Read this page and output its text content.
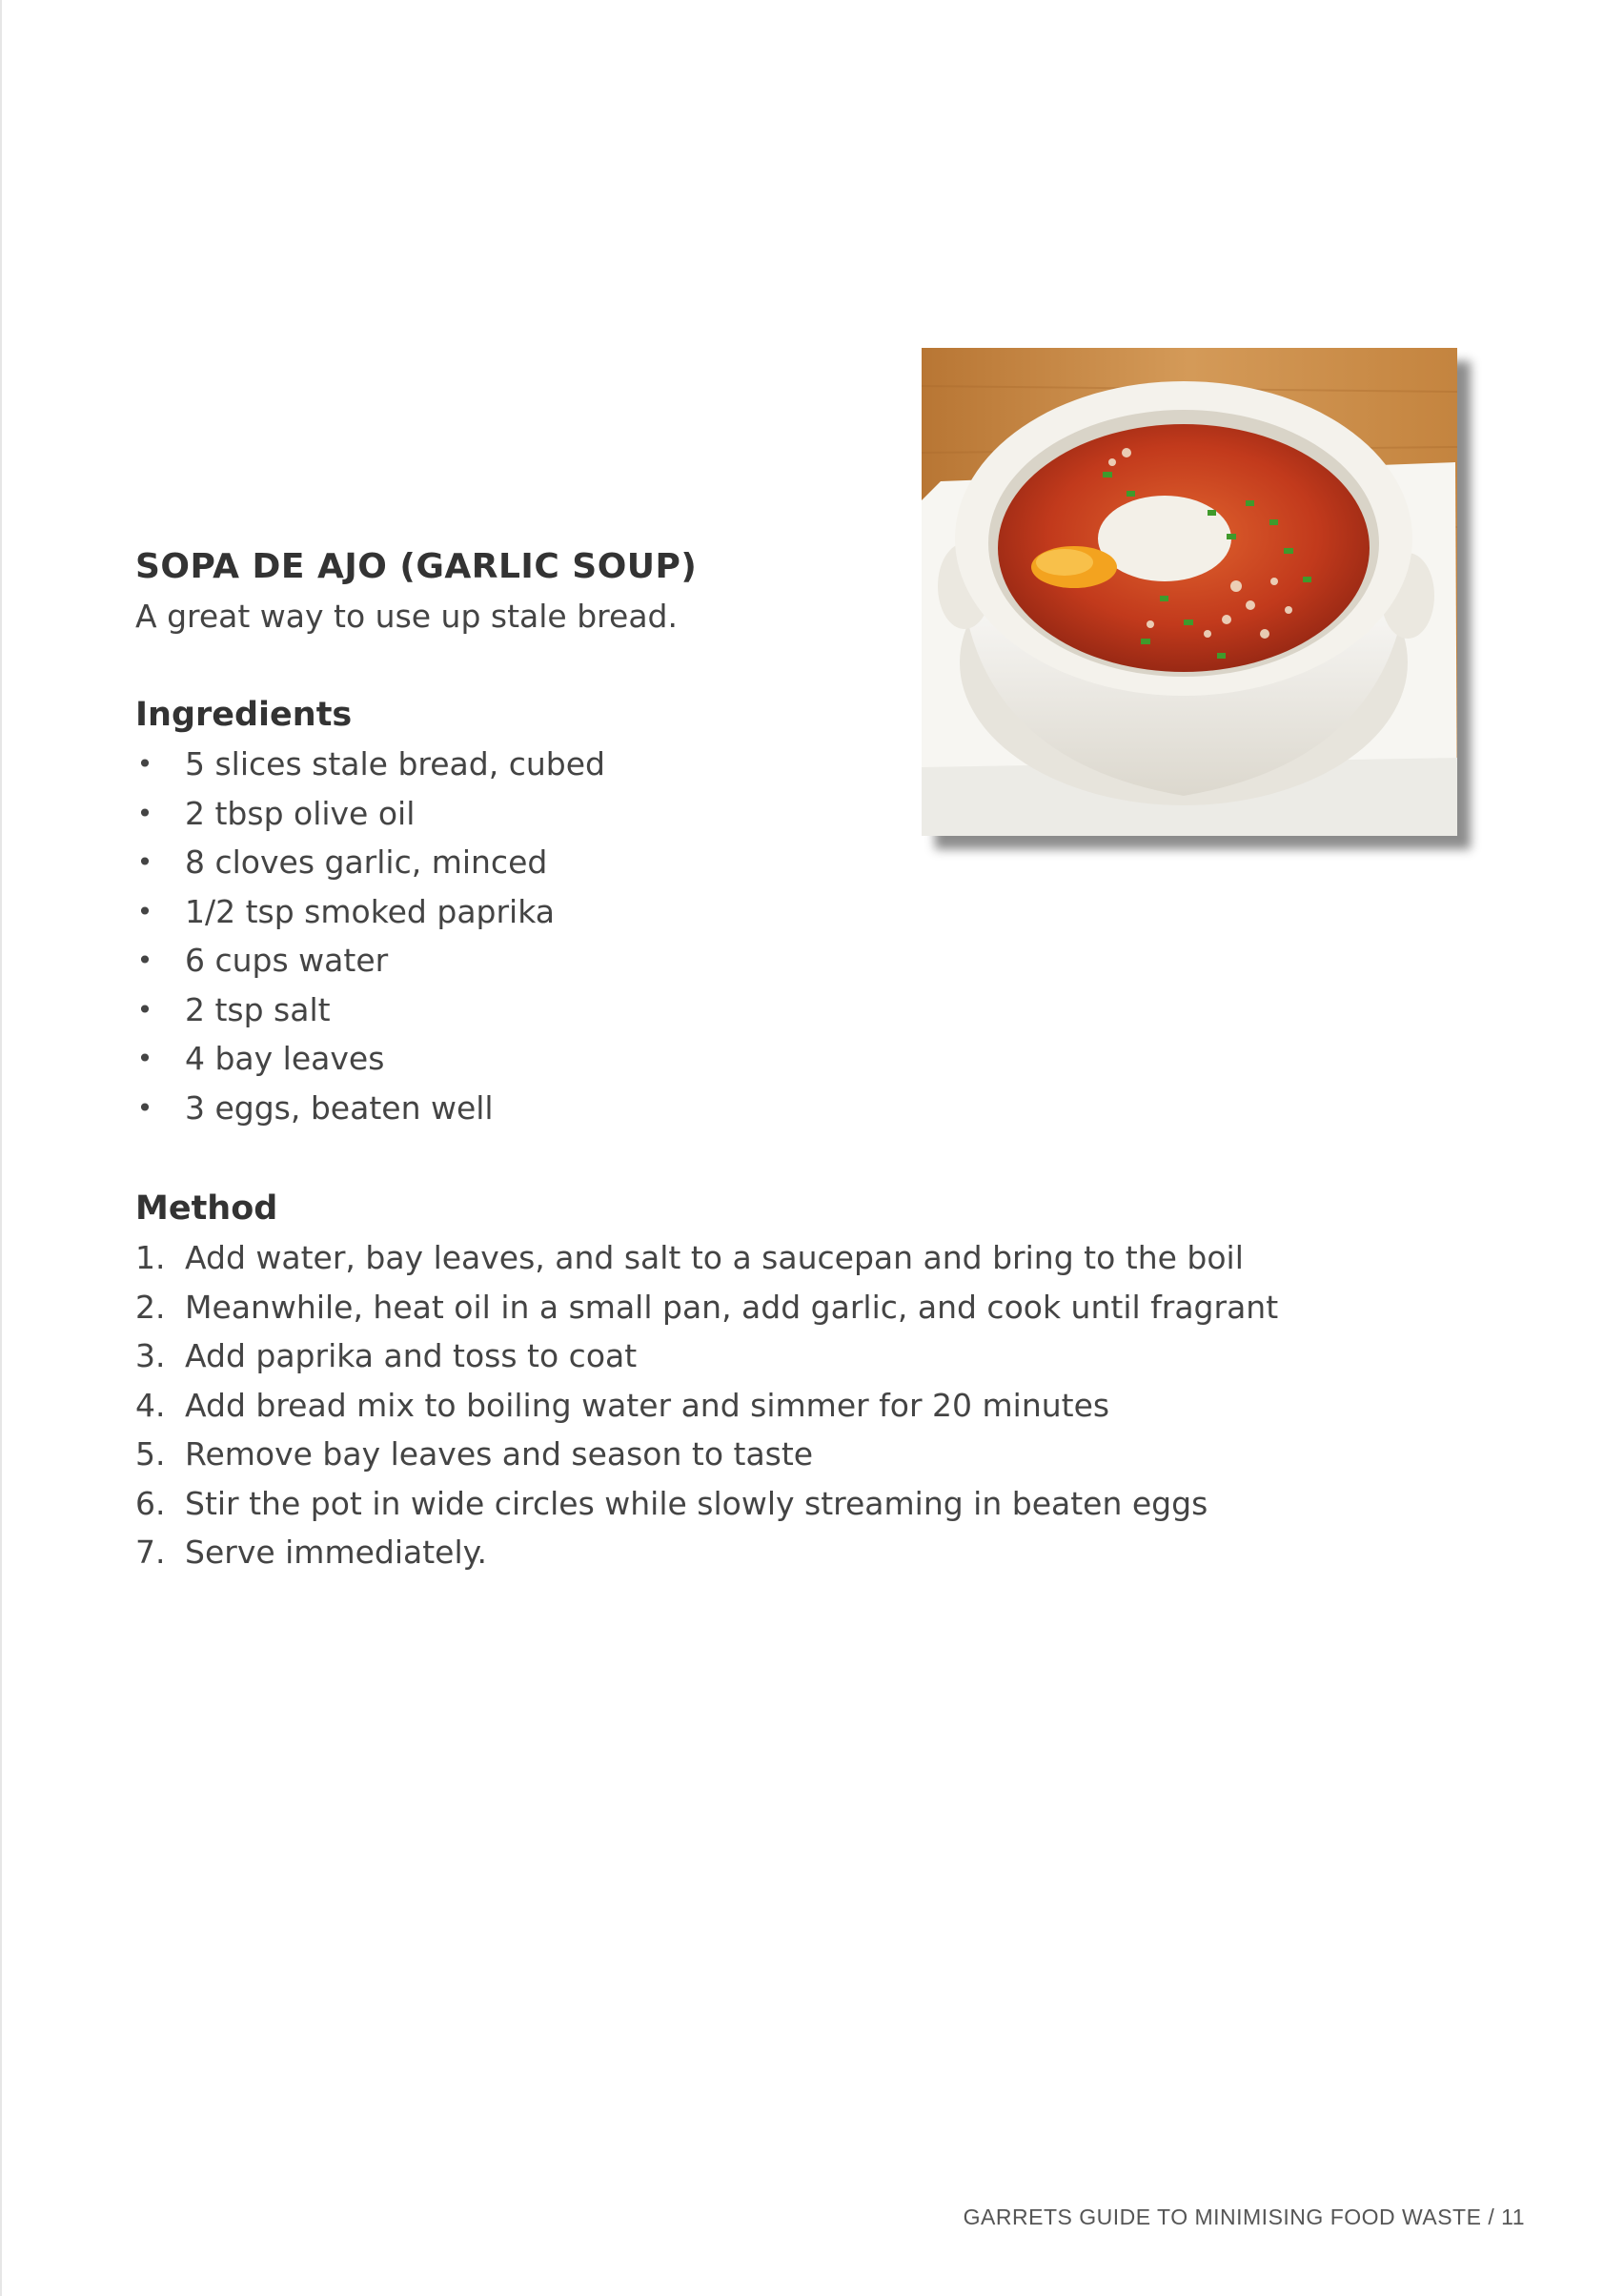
SOPA DE AJO (GARLIC SOUP)

A great way to use up stale bread.

Ingredients
• 5 slices stale bread, cubed
• 2 tbsp olive oil
• 8 cloves garlic, minced
• 1/2 tsp smoked paprika
• 6 cups water
• 2 tsp salt
• 4 bay leaves
• 3 eggs, beaten well
Method
1. Add water, bay leaves, and salt to a saucepan and bring to the boil
2. Meanwhile, heat oil in a small pan, add garlic, and cook until fragrant
3. Add paprika and toss to coat
4. Add bread mix to boiling water and simmer for 20 minutes
5. Remove bay leaves and season to taste
6. Stir the pot in wide circles while slowly streaming in beaten eggs
7. Serve immediately.
GARRETS GUIDE TO MINIMISING FOOD WASTE / 11
